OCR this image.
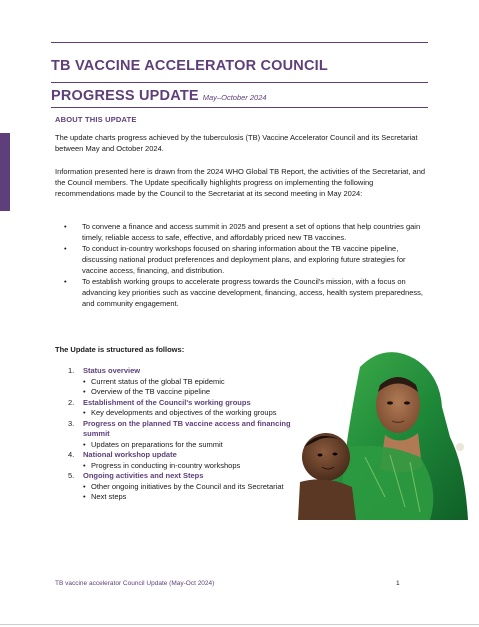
TB VACCINE ACCELERATOR COUNCIL
PROGRESS UPDATE May–October 2024
ABOUT THIS UPDATE
The update charts progress achieved by the tuberculosis (TB) Vaccine Accelerator Council and its Secretariat between May and October 2024.
Information presented here is drawn from the 2024 WHO Global TB Report, the activities of the Secretariat, and the Council members. The Update specifically highlights progress on implementing the following recommendations made by the Council to the Secretariat at its second meeting in May 2024:
• To convene a finance and access summit in 2025 and present a set of options that help countries gain timely, reliable access to safe, effective, and affordably priced new TB vaccines.
• To conduct in-country workshops focused on sharing information about the TB vaccine pipeline, discussing national product preferences and deployment plans, and exploring future strategies for vaccine access, financing, and distribution.
• To establish working groups to accelerate progress towards the Council's mission, with a focus on advancing key priorities such as vaccine development, financing, access, health system preparedness, and community engagement.
The Update is structured as follows:
1. Status overview
• Current status of the global TB epidemic
• Overview of the TB vaccine pipeline
2. Establishment of the Council's working groups
• Key developments and objectives of the working groups
3. Progress on the planned TB vaccine access and financing summit
• Updates on preparations for the summit
4. National workshop update
• Progress in conducting in-country workshops
5. Ongoing activities and next Steps
• Other ongoing initiatives by the Council and its Secretariat
• Next steps
TB vaccine accelerator Council Update (May-Oct 2024)	1
